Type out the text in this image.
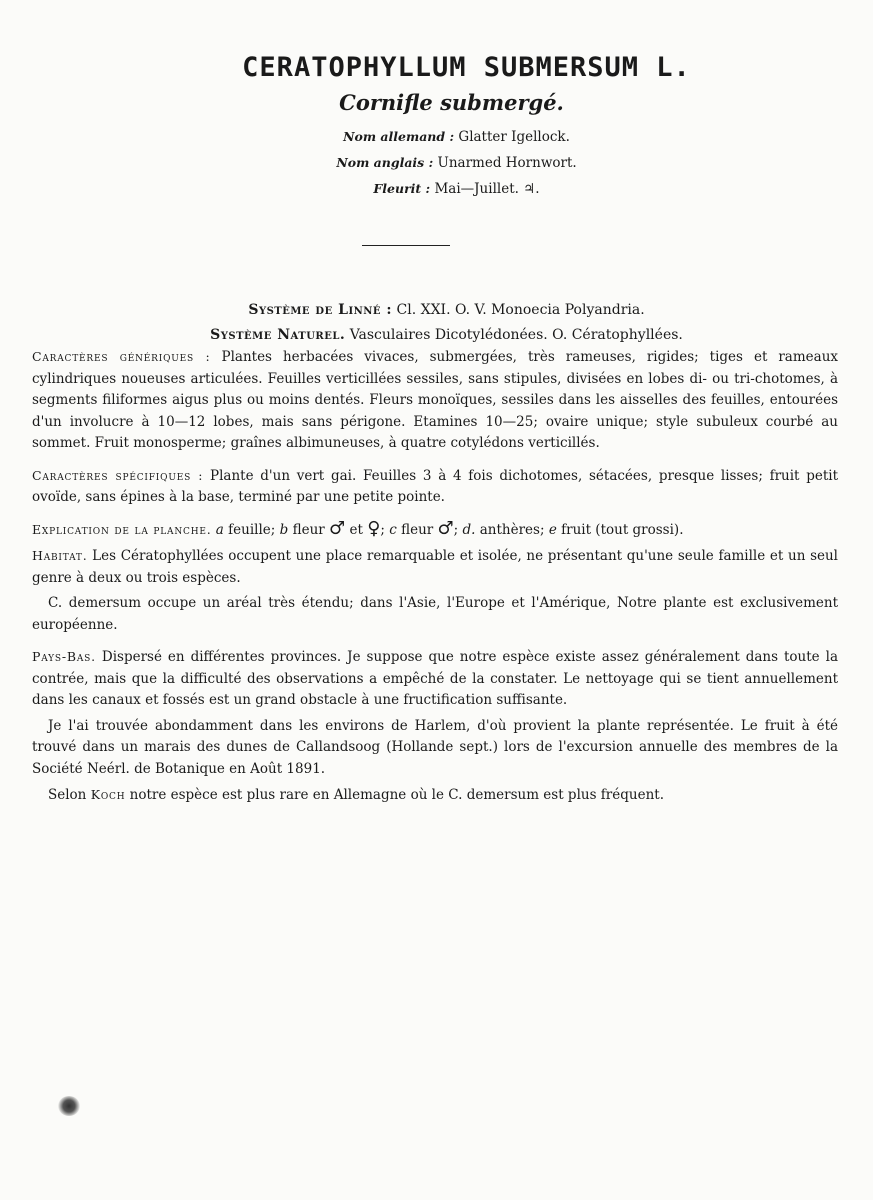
CERATOPHYLLUM SUBMERSUM L.
Cornifle submergé.
Nom allemand : Glatter Igellock.
Nom anglais : Unarmed Hornwort.
Fleurit : Mai—Juillet. ♃.
Système de Linné : Cl. XXI. O. V. Monoecia Polyandria.
Système Naturel. Vasculaires Dicotylédonées. O. Cératophyllées.

Caractères génériques : Plantes herbacées vivaces, submergées, très rameuses, rigides; tiges et rameaux cylindriques noueuses articulées. Feuilles verticillées sessiles, sans stipules, divisées en lobes di- ou tri-chotomes, à segments filiformes aigus plus ou moins dentés. Fleurs monoïques, sessiles dans les aisselles des feuilles, entourées d'un involucre à 10—12 lobes, mais sans périgone. Etamines 10—25; ovaire unique; style subuleux courbé au sommet. Fruit monosperme; graînes albimuneuses, à quatre cotylédons verticillés.

Caractères spécifiques : Plante d'un vert gai. Feuilles 3 à 4 fois dichotomes, sétacées, presque lisses; fruit petit ovoïde, sans épines à la base, terminé par une petite pointe.

Explication de la planche. a feuille; b fleur ♂ et ♀; c fleur ♂; d. anthères; e fruit (tout grossi).

Habitat. Les Cératophyllées occupent une place remarquable et isolée, ne présentant qu'une seule famille et un seul genre à deux ou trois espèces.

C. demersum occupe un aréal très étendu; dans l'Asie, l'Europe et l'Amérique, Notre plante est exclusivement européenne.

Pays-Bas. Dispersé en différentes provinces. Je suppose que notre espèce existe assez généralement dans toute la contrée, mais que la difficulté des observations a empêché de la constater. Le nettoyage qui se tient annuellement dans les canaux et fossés est un grand obstacle à une fructification suffisante.

Je l'ai trouvée abondamment dans les environs de Harlem, d'où provient la plante représentée. Le fruit à été trouvé dans un marais des dunes de Callandsoog (Hollande sept.) lors de l'excursion annuelle des membres de la Société Neérl. de Botanique en Août 1891.

Selon Koch notre espèce est plus rare en Allemagne où le C. demersum est plus fréquent.
